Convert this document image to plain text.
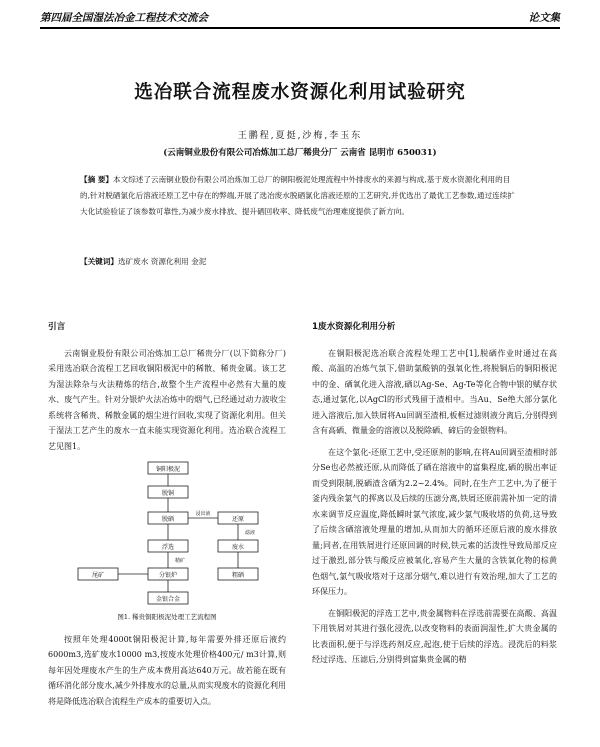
第四届全国湿法冶金工程技术交流会	论文集
选冶联合流程废水资源化利用试验研究
王鹏程,夏挺,沙梅,李玉东
(云南铜业股份有限公司冶炼加工总厂稀贵分厂 云南省 昆明市 650031)
【摘 要】本文综述了云南铜业股份有限公司冶炼加工总厂的铜阳极泥处理流程中外排废水的来源与构成,基于废水资源化利用的目的,针对脱硒氯化后溶液还原工艺中存在的弊端,开展了选冶废水脱硒氯化溶液还原的工艺研究,并优选出了最优工艺参数,通过连续扩大化试验验证了该参数可靠性,为减少废水排放、提升硒回收率、降低废气治理难度提供了新方向。
【关键词】选矿废水 资源化利用 金泥
引言

云南铜业股份有限公司冶炼加工总厂稀贵分厂(以下简称分厂)采用选冶联合流程工艺回收铜阳极泥中的稀散、稀贵金属。该工艺为湿法除杂与火法精炼的结合,故整个生产流程中必然有大量的废水、废气产生。针对分银炉火法冶炼中的烟气,已经通过动力波收尘系统将含稀贵、稀散金属的烟尘进行回收,实现了资源化利用。但关于湿法工艺产生的废水一直未能实现资源化利用。选冶联合流程工艺见图1。

铜阳极泥
脱铜
脱硒	还原
废水
浮选
分银炉
尾矿	粗硒
金银合金
浸出液
滤液
精矿

图1. 稀贵铜阳极泥处理工艺流程图

按照年处理4000t铜阳极泥计算,每年需要外排还原后液约6000m3,选矿废水10000 m3,按废水处理价格400元/ m3计算,则每年因处理废水产生的生产成本费用高达640万元。故若能在既有循环消化部分废水,减少外排废水的总量,从而实现废水的资源化利用将是降低选冶联合流程生产成本的重要切入点。

1废水资源化利用分析

在铜阳极泥选冶联合流程处理工艺中[1],脱硒作业时通过在高酸、高温的冶炼气氛下,借助氯酸钠的强氧化性,将脱铜后的铜阳极泥中的金、硒氧化进入溶液,硒以Ag-Se、Ag-Te等化合物中银的赋存状态,通过氯化,以AgCl的形式残留于渣相中。当Au、Se绝大部分氯化进入溶液后,加入铁屑将Au回调至渣相,板框过滤则液分离后,分别得到含有高硒、微量金的溶液以及脱除硒、碲后的金银物料。

在这个氯化-还原工艺中,受还原剂的影响,在将Au回调至渣相时部分Se也必然被还原,从而降低了硒在溶液中的富集程度,硒的脱出率证而受到限制,脱硒渣含硒为2.2~2.4%。同时,在生产工艺中,为了便于釜内残余氯气的挥离以及后续的压滤分离,铁屑还原前需补加一定的清水来调节反应温度,降低瞬时氯气浓度,减少氯气吸收塔的负荷,这导致了后续含硒溶液处理量的增加,从而加大的循环还原后液的废水排放量;同者,在用铁屑进行还原回调的时候,铁元素的活泼性导致局部反应过于激烈,部分铁与酸反应被氧化,容易产生大量的含铁氧化物的棕黄色烟气,氯气吸收塔对于这部分烟气,难以进行有效治理,加大了工艺的环保压力。

在铜阳极泥的浮选工艺中,贵金属物料在浮选前需要在高酸、高温下用铁屑对其进行强化浸洗,以改变物料的表面润湿性,扩大贵金属的比表面积,便于与浮选药剂反应,起泡,使于后续的浮选。浸洗后的料浆经过浮选、压滤后,分别得到富集贵金属的精
